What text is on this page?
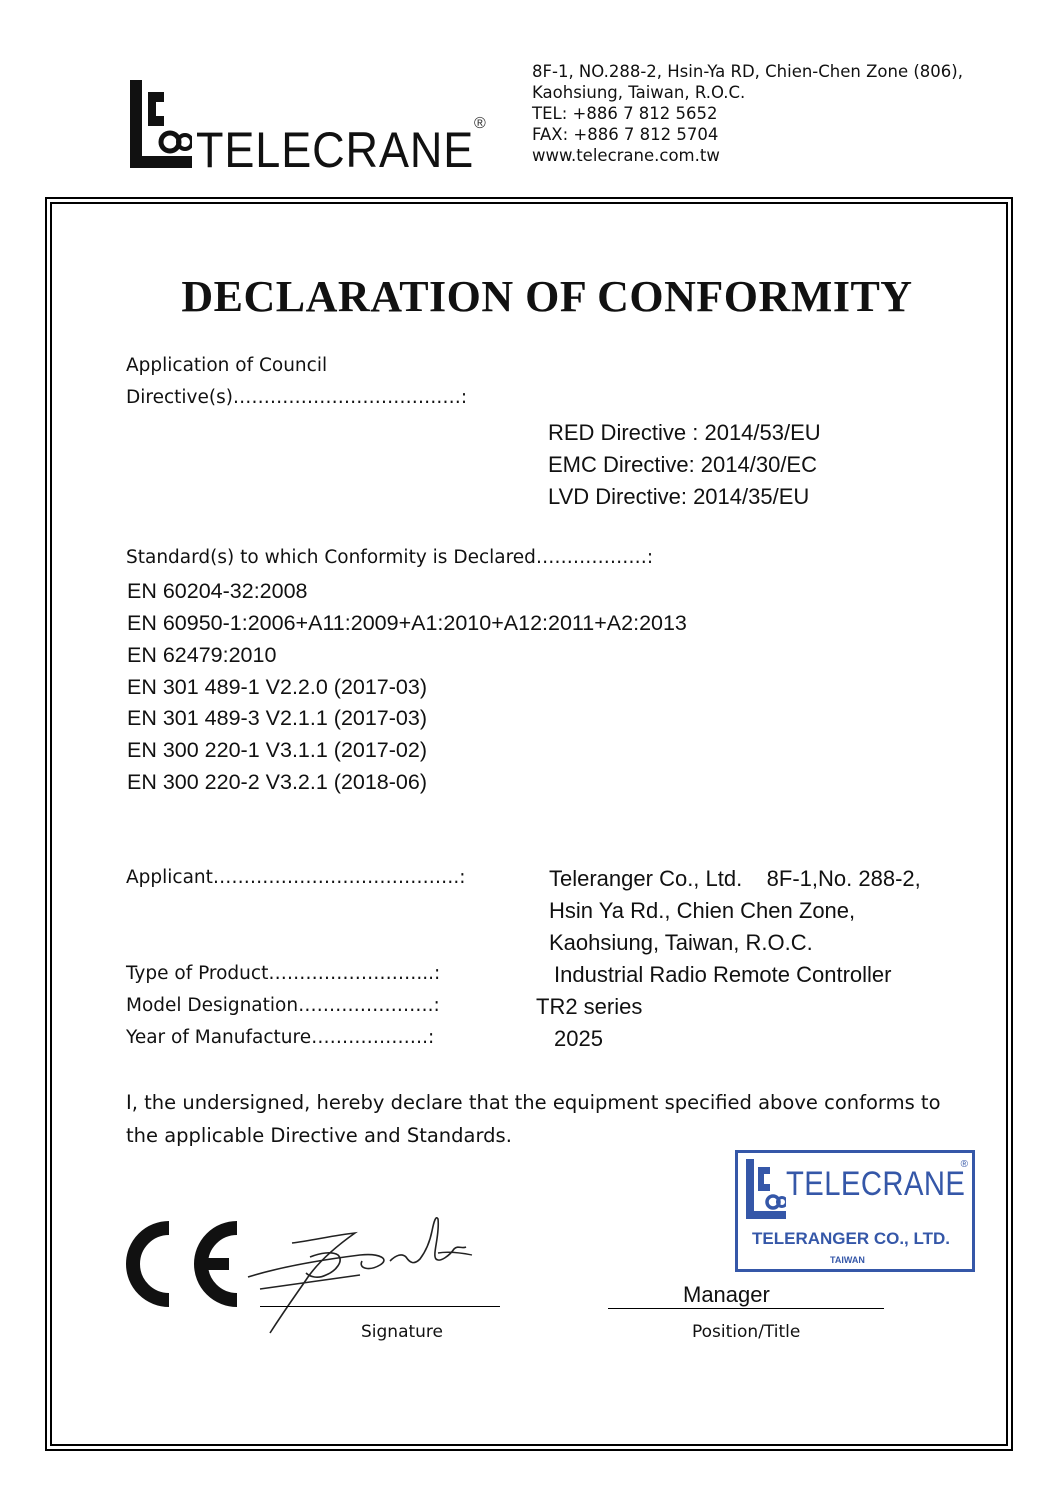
TELECRANE ®
8F-1, NO.288-2, Hsin-Ya RD, Chien-Chen Zone (806),
Kaohsiung, Taiwan, R.O.C.
TEL: +886 7 812 5652
FAX: +886 7 812 5704
www.telecrane.com.tw
DECLARATION OF CONFORMITY
Application of Council
Directive(s)…………………………….…:
RED Directive : 2014/53/EU
EMC Directive: 2014/30/EC
LVD Directive: 2014/35/EU
Standard(s) to which Conformity is Declared………………:
EN 60204-32:2008
EN 60950-1:2006+A11:2009+A1:2010+A12:2011+A2:2013
EN 62479:2010
EN 301 489-1 V2.2.0 (2017-03)
EN 301 489-3 V2.1.1 (2017-03)
EN 300 220-1 V3.1.1 (2017-02)
EN 300 220-2 V3.2.1 (2018-06)
Applicant………………………………….:	Teleranger Co., Ltd.    8F-1,No. 288-2,
Hsin Ya Rd., Chien Chen Zone,
Kaohsiung, Taiwan, R.O.C.
Type of Product……………………...:	Industrial Radio Remote Controller
Model Designation………………….:	TR2 series
Year of Manufacture……………….:	2025
I, the undersigned, hereby declare that the equipment specified above conforms to
the applicable Directive and Standards.
TELECRANE
®
TELERANGER CO., LTD.
TAIWAN
Signature
Manager
Position/Title
